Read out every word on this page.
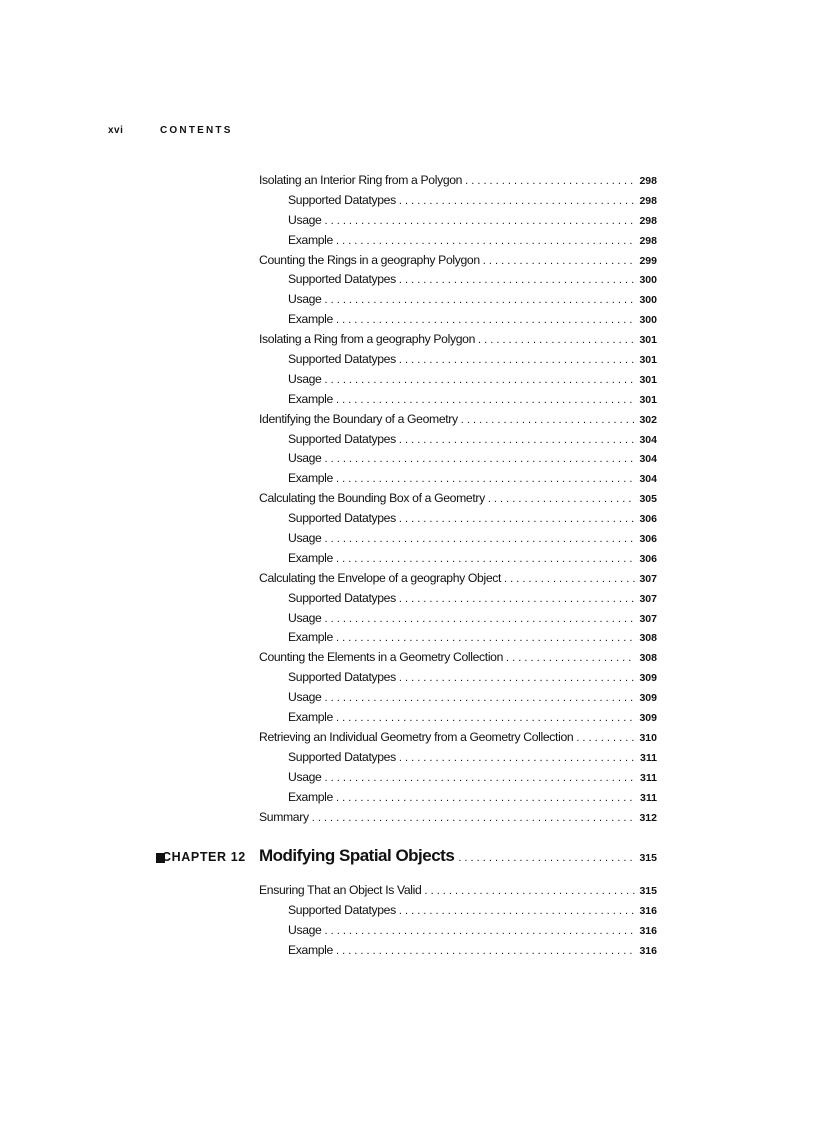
xvi	CONTENTS
Isolating an Interior Ring from a Polygon . . .	298
Supported Datatypes . . .	298
Usage . . .	298
Example . . .	298
Counting the Rings in a geography Polygon . . .	299
Supported Datatypes . . .	300
Usage . . .	300
Example . . .	300
Isolating a Ring from a geography Polygon . . .	301
Supported Datatypes . . .	301
Usage . . .	301
Example . . .	301
Identifying the Boundary of a Geometry . . .	302
Supported Datatypes . . .	304
Usage . . .	304
Example . . .	304
Calculating the Bounding Box of a Geometry . . .	305
Supported Datatypes . . .	306
Usage . . .	306
Example . . .	306
Calculating the Envelope of a geography Object . . .	307
Supported Datatypes . . .	307
Usage . . .	307
Example . . .	308
Counting the Elements in a Geometry Collection . . .	308
Supported Datatypes . . .	309
Usage . . .	309
Example . . .	309
Retrieving an Individual Geometry from a Geometry Collection . . .	310
Supported Datatypes . . .	311
Usage . . .	311
Example . . .	311
Summary . . .	312
CHAPTER 12 Modifying Spatial Objects . . .	315
Ensuring That an Object Is Valid . . .	315
Supported Datatypes . . .	316
Usage . . .	316
Example . . .	316
